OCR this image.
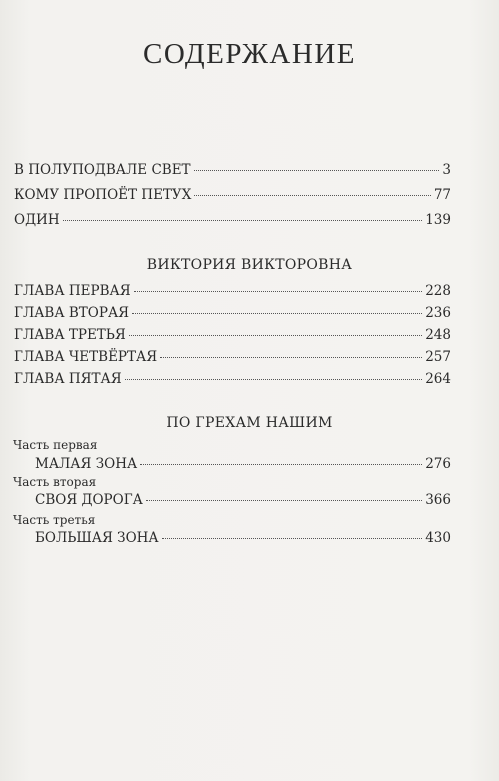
СОДЕРЖАНИЕ
В ПОЛУПОДВАЛЕ СВЕТ	3
КОМУ ПРОПОЁТ ПЕТУХ	77
ОДИН	139
ВИКТОРИЯ ВИКТОРОВНА
ГЛАВА ПЕРВАЯ	228
ГЛАВА ВТОРАЯ	236
ГЛАВА ТРЕТЬЯ	248
ГЛАВА ЧЕТВЁРТАЯ	257
ГЛАВА ПЯТАЯ	264
ПО ГРЕХАМ НАШИМ
Часть первая
МАЛАЯ ЗОНА	276
Часть вторая
СВОЯ ДОРОГА	366
Часть третья
БОЛЬШАЯ ЗОНА	430
